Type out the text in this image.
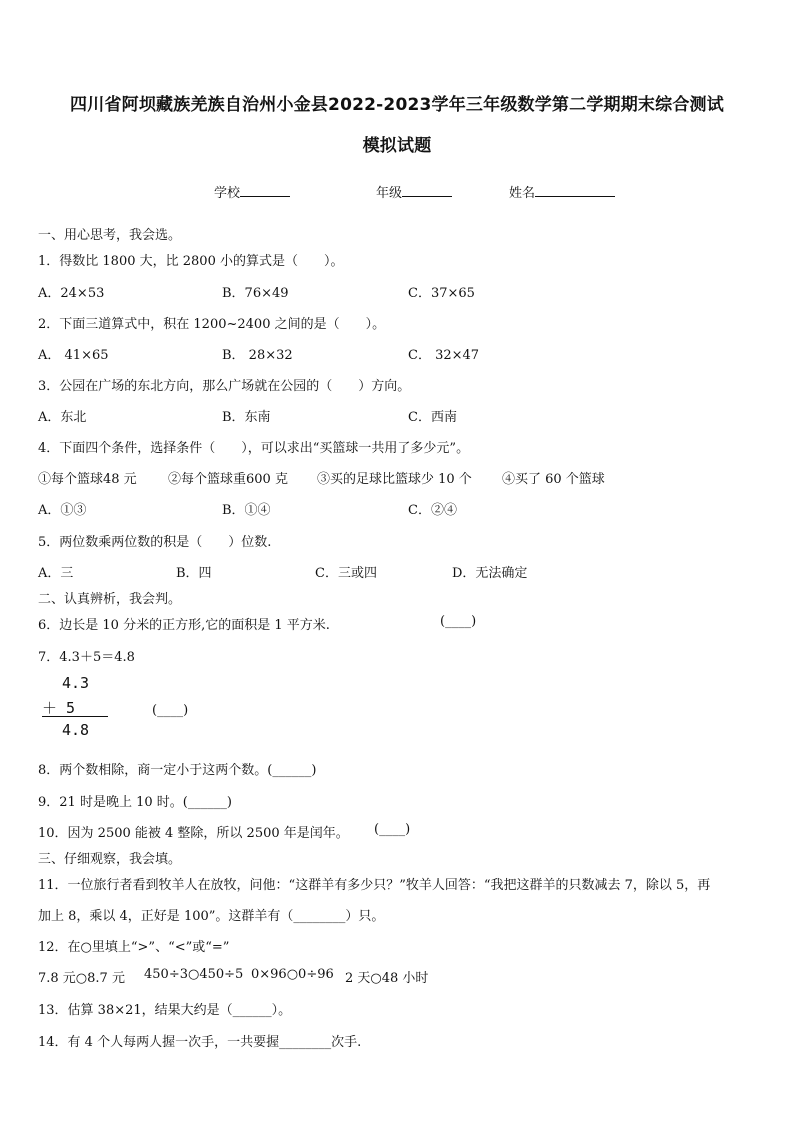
四川省阿坝藏族羌族自治州小金县2022-2023学年三年级数学第二学期期末综合测试
模拟试题
学校	年级	姓名
一、用心思考，我会选。
1．得数比 1800 大，比 2800 小的算式是（　　）。
A．24×53	B．76×49	C．37×65
2．下面三道算式中，积在 1200~2400 之间的是（　　）。
A． 41×65	B． 28×32	C． 32×47
3．公园在广场的东北方向，那么广场就在公园的（　　）方向。
A．东北	B．东南	C．西南
4．下面四个条件，选择条件（　　），可以求出“买篮球一共用了多少元”。
①每个篮球48 元 ②每个篮球重600 克 ③买的足球比篮球少 10 个 ④买了 60 个篮球
A．①③	B．①④	C．②④
5．两位数乘两位数的积是（　　）位数.
A．三	B．四	C．三或四	D．无法确定
二、认真辨析，我会判。
6．边长是 10 分米的正方形,它的面积是 1 平方米.	(____)
7．4.3＋5＝4.8
4.3
＋ 5
4.8
(____)
8．两个数相除，商一定小于这两个数。(______)
9．21 时是晚上 10 时。(______)
10．因为 2500 能被 4 整除，所以 2500 年是闰年。 (____)
三、仔细观察，我会填。
11．一位旅行者看到牧羊人在放牧，问他：“这群羊有多少只？”牧羊人回答：“我把这群羊的只数减去 7，除以 5，再
加上 8，乘以 4，正好是 100”。这群羊有（________）只。
12．在○里填上“>”、“<”或“=”
7.8 元○8.7 元 450÷3○450÷5 0×96○0÷96 2 天○48 小时
13．估算 38×21，结果大约是（______）。
14．有 4 个人每两人握一次手，一共要握________次手.
